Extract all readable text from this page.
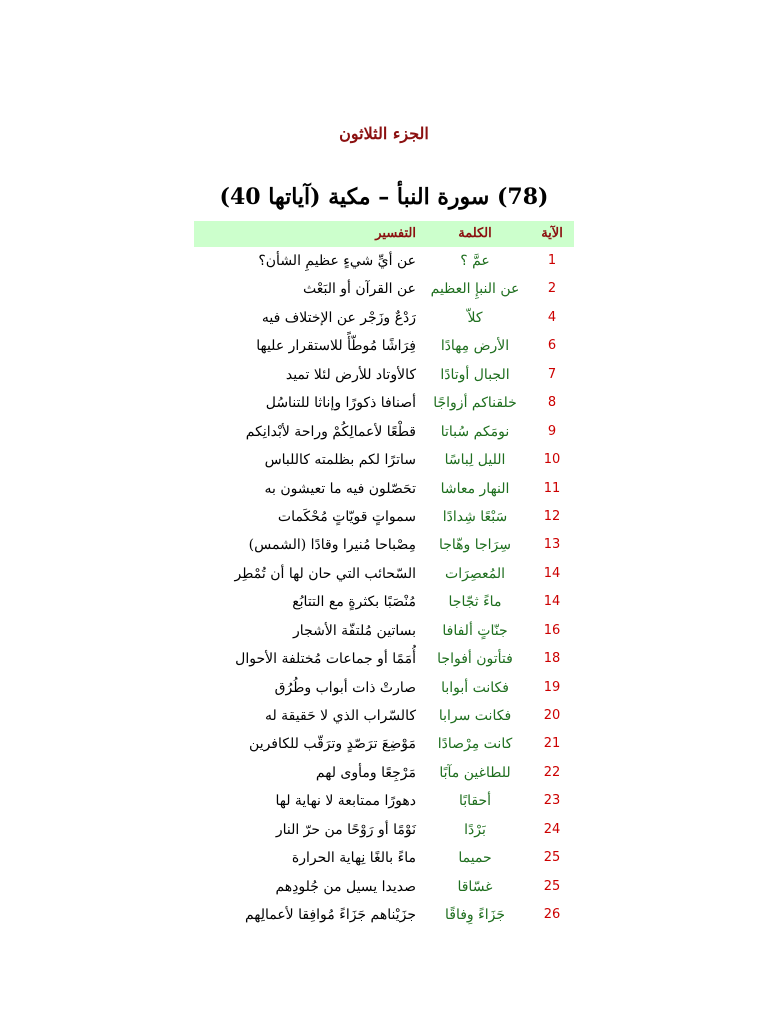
الجزء الثلاثون
(78) سورة النبأ – مكية (آياتها 40)
الآية
الكلمة
التفسير
1
عمَّ ؟
عن أيِّ شيءٍ عظيمِ الشأن؟
2
عن النبإِ العظيم
عن القرآن أو البَعْث
4
كلاّ
رَدْعٌ وزَجْر عن الإختلاف فيه
6
الأرض مِهادًا
فِرَاشًا مُوطّأً للاستقرار عليها
7
الجبال أوتادًا
كالأوتاد للأرض لئلا تميد
8
خلقناكم أزواجًا
أصنافا ذكورًا وإناثا للتناسُل
9
نومَكم سُباتا
قطْعًا لأعمالِكُمْ وراحة لأبْدانِكم
10
الليل لِباسًا
ساترًا لكم بظلمته كاللباس
11
النهار معاشا
تحَصّلون فيه ما تعيشون به
12
سَبْعًا شِدادًا
سمواتٍ قويّاتٍ مُحْكَمات
13
سِرَاجا وهّاجا
مِصْباحا مُنيرا وقادًا (الشمس)
14
المُعصِرَات
السّحائب التي حان لها أن تُمْطِر
14
ماءً ثجّاجا
مُنْصَبًا بكثرةٍ مع التتابُع
16
جنّاتٍ ألفافا
بساتين مُلتفّة الأشجار
18
فتأتون أفواجا
أُمَمًا أو جماعات مُختلفة الأحوال
19
فكانت أبوابا
صارتْ ذات أبواب وطُرُق
20
فكانت سرابا
كالسّراب الذي لا حَقيقة له
21
كانت مِرْصادًا
مَوْضِعَ ترَصّدٍ وترَقّب للكافرين
22
للطاغين مآبًا
مَرْجِعًا ومأوى لهم
23
أحقابًا
دهورًا ممتابعة لا نهاية لها
24
بَرْدًا
نَوْمًا أو رَوْحًا من حرّ النار
25
حميما
ماءً بالغًا نِهاية الحرارة
25
غسّاقا
صديدا يسيل من جُلودِهم
26
جَزَاءً وِفاقًا
جزَيْناهم جَزَاءً مُوافِقا لأعمالِهم
